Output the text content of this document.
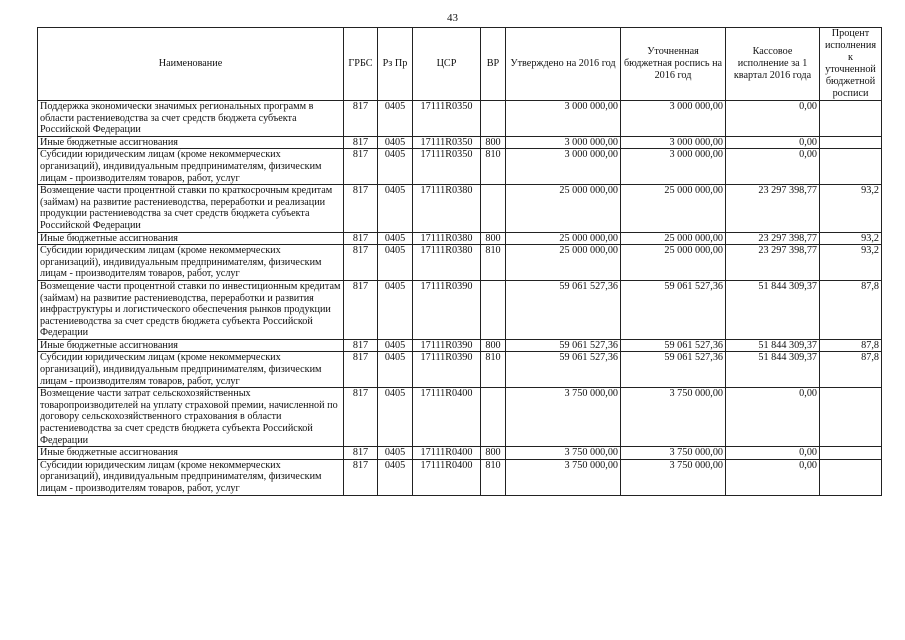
43
Наименование	ГРБС	Рз Пр	ЦСР	ВР	Утверждено на 2016 год	Уточненная бюджетная роспись на 2016 год	Кассовое исполнение за 1 квартал 2016 года	Процент исполнения к уточненной бюджетной росписи
Поддержка экономически значимых региональных программ в области растениеводства за счет средств бюджета субъекта Российской Федерации	817	0405	17111R0350		3 000 000,00	3 000 000,00	0,00	
Иные бюджетные ассигнования	817	0405	17111R0350	800	3 000 000,00	3 000 000,00	0,00	
Субсидии юридическим лицам (кроме некоммерческих организаций), индивидуальным предпринимателям, физическим лицам - производителям товаров, работ, услуг	817	0405	17111R0350	810	3 000 000,00	3 000 000,00	0,00	
Возмещение части процентной ставки по краткосрочным кредитам (займам) на развитие растениеводства, переработки и реализации продукции растениеводства за счет средств бюджета субъекта Российской Федерации	817	0405	17111R0380		25 000 000,00	25 000 000,00	23 297 398,77	93,2
Иные бюджетные ассигнования	817	0405	17111R0380	800	25 000 000,00	25 000 000,00	23 297 398,77	93,2
Субсидии юридическим лицам (кроме некоммерческих организаций), индивидуальным предпринимателям, физическим лицам - производителям товаров, работ, услуг	817	0405	17111R0380	810	25 000 000,00	25 000 000,00	23 297 398,77	93,2
Возмещение части процентной ставки по инвестиционным кредитам (займам) на развитие растениеводства, переработки и развития инфраструктуры и логистического обеспечения рынков продукции растениеводства за счет средств бюджета субъекта Российской Федерации	817	0405	17111R0390		59 061 527,36	59 061 527,36	51 844 309,37	87,8
Иные бюджетные ассигнования	817	0405	17111R0390	800	59 061 527,36	59 061 527,36	51 844 309,37	87,8
Субсидии юридическим лицам (кроме некоммерческих организаций), индивидуальным предпринимателям, физическим лицам - производителям товаров, работ, услуг	817	0405	17111R0390	810	59 061 527,36	59 061 527,36	51 844 309,37	87,8
Возмещение части затрат сельскохозяйственных товаропроизводителей на уплату страховой премии, начисленной по договору сельскохозяйственного страхования в области растениеводства за счет средств бюджета субъекта Российской Федерации	817	0405	17111R0400		3 750 000,00	3 750 000,00	0,00	
Иные бюджетные ассигнования	817	0405	17111R0400	800	3 750 000,00	3 750 000,00	0,00	
Субсидии юридическим лицам (кроме некоммерческих организаций), индивидуальным предпринимателям, физическим лицам - производителям товаров, работ, услуг	817	0405	17111R0400	810	3 750 000,00	3 750 000,00	0,00	
